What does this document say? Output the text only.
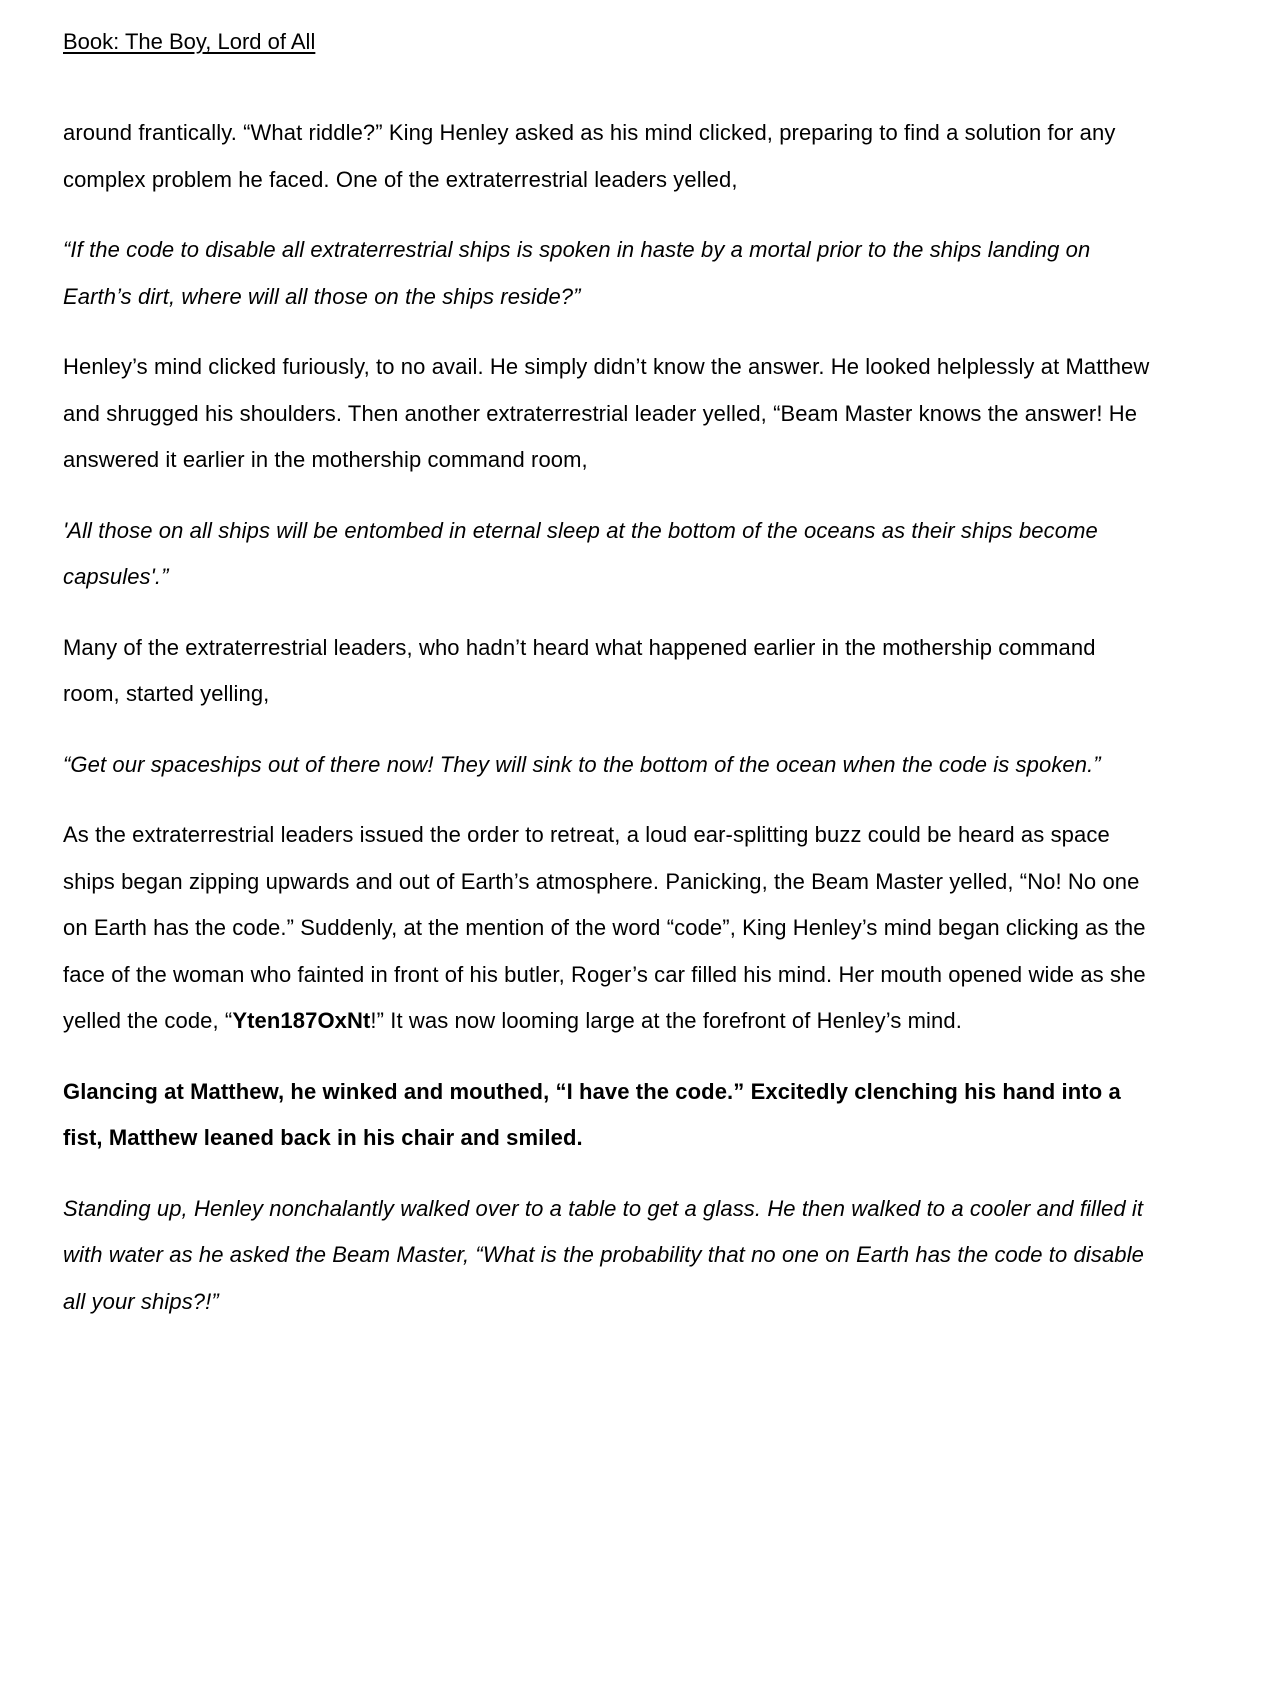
Book: The Boy, Lord of All

around frantically. “What riddle?” King Henley asked as his mind clicked, preparing to find a solution for any complex problem he faced. One of the extraterrestrial leaders yelled,

“If the code to disable all extraterrestrial ships is spoken in haste by a mortal prior to the ships landing on Earth’s dirt, where will all those on the ships reside?”

Henley’s mind clicked furiously, to no avail. He simply didn’t know the answer. He looked helplessly at Matthew and shrugged his shoulders. Then another extraterrestrial leader yelled, “Beam Master knows the answer! He answered it earlier in the mothership command room,

'All those on all ships will be entombed in eternal sleep at the bottom of the oceans as their ships become capsules'.”

Many of the extraterrestrial leaders, who hadn’t heard what happened earlier in the mothership command room, started yelling,

“Get our spaceships out of there now! They will sink to the bottom of the ocean when the code is spoken.”

As the extraterrestrial leaders issued the order to retreat, a loud ear-splitting buzz could be heard as space ships began zipping upwards and out of Earth’s atmosphere. Panicking, the Beam Master yelled, “No! No one on Earth has the code.” Suddenly, at the mention of the word “code”, King Henley’s mind began clicking as the face of the woman who fainted in front of his butler, Roger’s car filled his mind. Her mouth opened wide as she yelled the code, “Yten187OxNt!” It was now looming large at the forefront of Henley’s mind.

Glancing at Matthew, he winked and mouthed, “I have the code.” Excitedly clenching his hand into a fist, Matthew leaned back in his chair and smiled.

Standing up, Henley nonchalantly walked over to a table to get a glass. He then walked to a cooler and filled it with water as he asked the Beam Master, “What is the probability that no one on Earth has the code to disable all your ships?!”
